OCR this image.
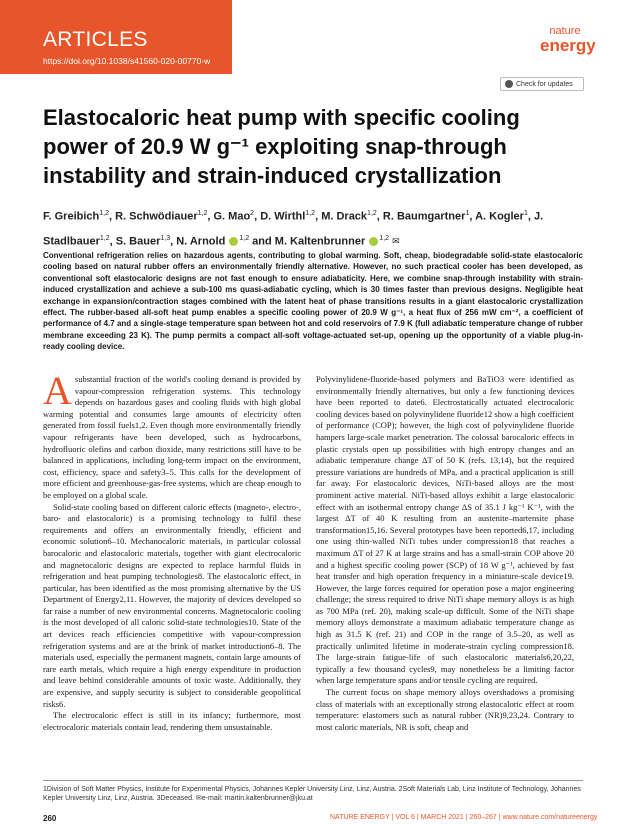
ARTICLES
https://doi.org/10.1038/s41560-020-00770-w
nature
energy
Check for updates
Elastocaloric heat pump with specific cooling power of 20.9 W g⁻¹ exploiting snap-through instability and strain-induced crystallization
F. Greibich$^{1,2}$, R. Schwödiauer$^{1,2}$, G. Mao$^2$, D. Wirthl$^{1,2}$, M. Drack$^{1,2}$, R. Baumgartner$^1$, A. Kogler$^1$, J. Stadlbauer$^{1,2}$, S. Bauer$^{1,3}$, N. Arnold $^{1,2}$ and M. Kaltenbrunner $^{1,2}$ ✉

Conventional refrigeration relies on hazardous agents, contributing to global warming. Soft, cheap, biodegradable solid-state elastocaloric cooling based on natural rubber offers an environmentally friendly alternative. However, no such practical cooler has been developed, as conventional soft elastocaloric designs are not fast enough to ensure adiabaticity. Here, we combine snap-through instability with strain-induced crystallization and achieve a sub-100 ms quasi-adiabatic cycling, which is 30 times faster than previous designs. Negligible heat exchange in expansion/contraction stages combined with the latent heat of phase transitions results in a giant elastocaloric crystallization effect. The rubber-based all-soft heat pump enables a specific cooling power of 20.9 W g⁻¹, a heat flux of 256 mW cm⁻², a coefficient of performance of 4.7 and a single-stage temperature span between hot and cold reservoirs of 7.9 K (full adiabatic temperature change of rubber membrane exceeding 23 K). The pump permits a compact all-soft voltage-actuated set-up, opening up the opportunity of a viable plug-in-ready cooling device.

Asubstantial fraction of the world's cooling demand is provided by vapour-compression refrigeration systems. This technology depends on hazardous gases and cooling fluids with high global warming potential and consumes large amounts of electricity often generated from fossil fuels1,2. Even though more environmentally friendly vapour refrigerants have been developed, such as hydrocarbons, hydrofluoric olefins and carbon dioxide, many restrictions still have to be balanced in applications, including long-term impact on the environment, cost, efficiency, space and safety3–5. This calls for the development of more efficient and greenhouse-gas-free systems, which are cheap enough to be employed on a global scale.

Solid-state cooling based on different caloric effects (magneto-, electro-, baro- and elastocaloric) is a promising technology to fulfil these requirements and offers an environmentally friendly, efficient and economic solution6–10. Mechanocaloric materials, in particular colossal barocaloric and elastocaloric materials, together with giant electrocaloric and magnetocaloric designs are expected to replace harmful fluids in refrigeration and heat pumping technologies8. The elastocaloric effect, in particular, has been identified as the most promising alternative by the US Department of Energy2,11. However, the majority of devices developed so far raise a number of new environmental concerns. Magnetocaloric cooling is the most developed of all caloric solid-state technologies10. State of the art devices reach efficiencies competitive with vapour-compression refrigeration systems and are at the brink of market introduction6–8. The materials used, especially the permanent magnets, contain large amounts of rare earth metals, which require a high energy expenditure in production and leave behind considerable amounts of toxic waste. Additionally, they are expensive, and supply security is subject to considerable geopolitical risks6.

The electrocaloric effect is still in its infancy; furthermore, most electrocaloric materials contain lead, rendering them unsustainable.

Polyvinylidene-fluoride-based polymers and BaTiO3 were identified as environmentally friendly alternatives, but only a few functioning devices have been reported to date6. Electrostatically actuated electrocaloric cooling devices based on polyvinylidene fluoride12 show a high coefficient of performance (COP); however, the high cost of polyvinylidene fluoride hampers large-scale market penetration. The colossal barocaloric effects in plastic crystals open up possibilities with high entropy changes and an adiabatic temperature change ΔT of 50 K (refs. 13,14), but the required pressure variations are hundreds of MPa, and a practical application is still far away. For elastocaloric devices, NiTi-based alloys are the most prominent active material. NiTi-based alloys exhibit a large elastocaloric effect with an isothermal entropy change ΔS of 35.1 J kg⁻¹ K⁻¹, with the largest ΔT of 40 K resulting from an austenite–martensite phase transformation15,16. Several prototypes have been reported6,17, including one using thin-walled NiTi tubes under compression18 that reaches a maximum ΔT of 27 K at large strains and has a small-strain COP above 20 and a highest specific cooling power (SCP) of 18 W g⁻¹, achieved by fast heat transfer and high operation frequency in a miniature-scale device19. However, the large forces required for operation pose a major engineering challenge; the stress required to drive NiTi shape memory alloys is as high as 700 MPa (ref. 20), making scale-up difficult. Some of the NiTi shape memory alloys demonstrate a maximum adiabatic temperature change as high as 31.5 K (ref. 21) and COP in the range of 3.5–20, as well as practically unlimited lifetime in moderate-strain cycling compression18. The large-strain fatigue-life of such elastocaloric materials6,20,22, typically a few thousand cycles9, may nonetheless be a limiting factor when large temperature spans and/or tensile cycling are required.

The current focus on shape memory alloys overshadows a promising class of materials with an exceptionally strong elastocaloric effect at room temperature: elastomers such as natural rubber (NR)9,23,24. Contrary to most caloric materials, NR is soft, cheap and

1Division of Soft Matter Physics, Institute for Experimental Physics, Johannes Kepler University Linz, Linz, Austria. 2Soft Materials Lab, Linz Institute of Technology, Johannes Kepler University Linz, Linz, Austria. 3Deceased. ✉e-mail: martin.kaltenbrunner@jku.at
260	NATURE ENERGY | VOL 6 | MARCH 2021 | 260–267 | www.nature.com/natureenergy
